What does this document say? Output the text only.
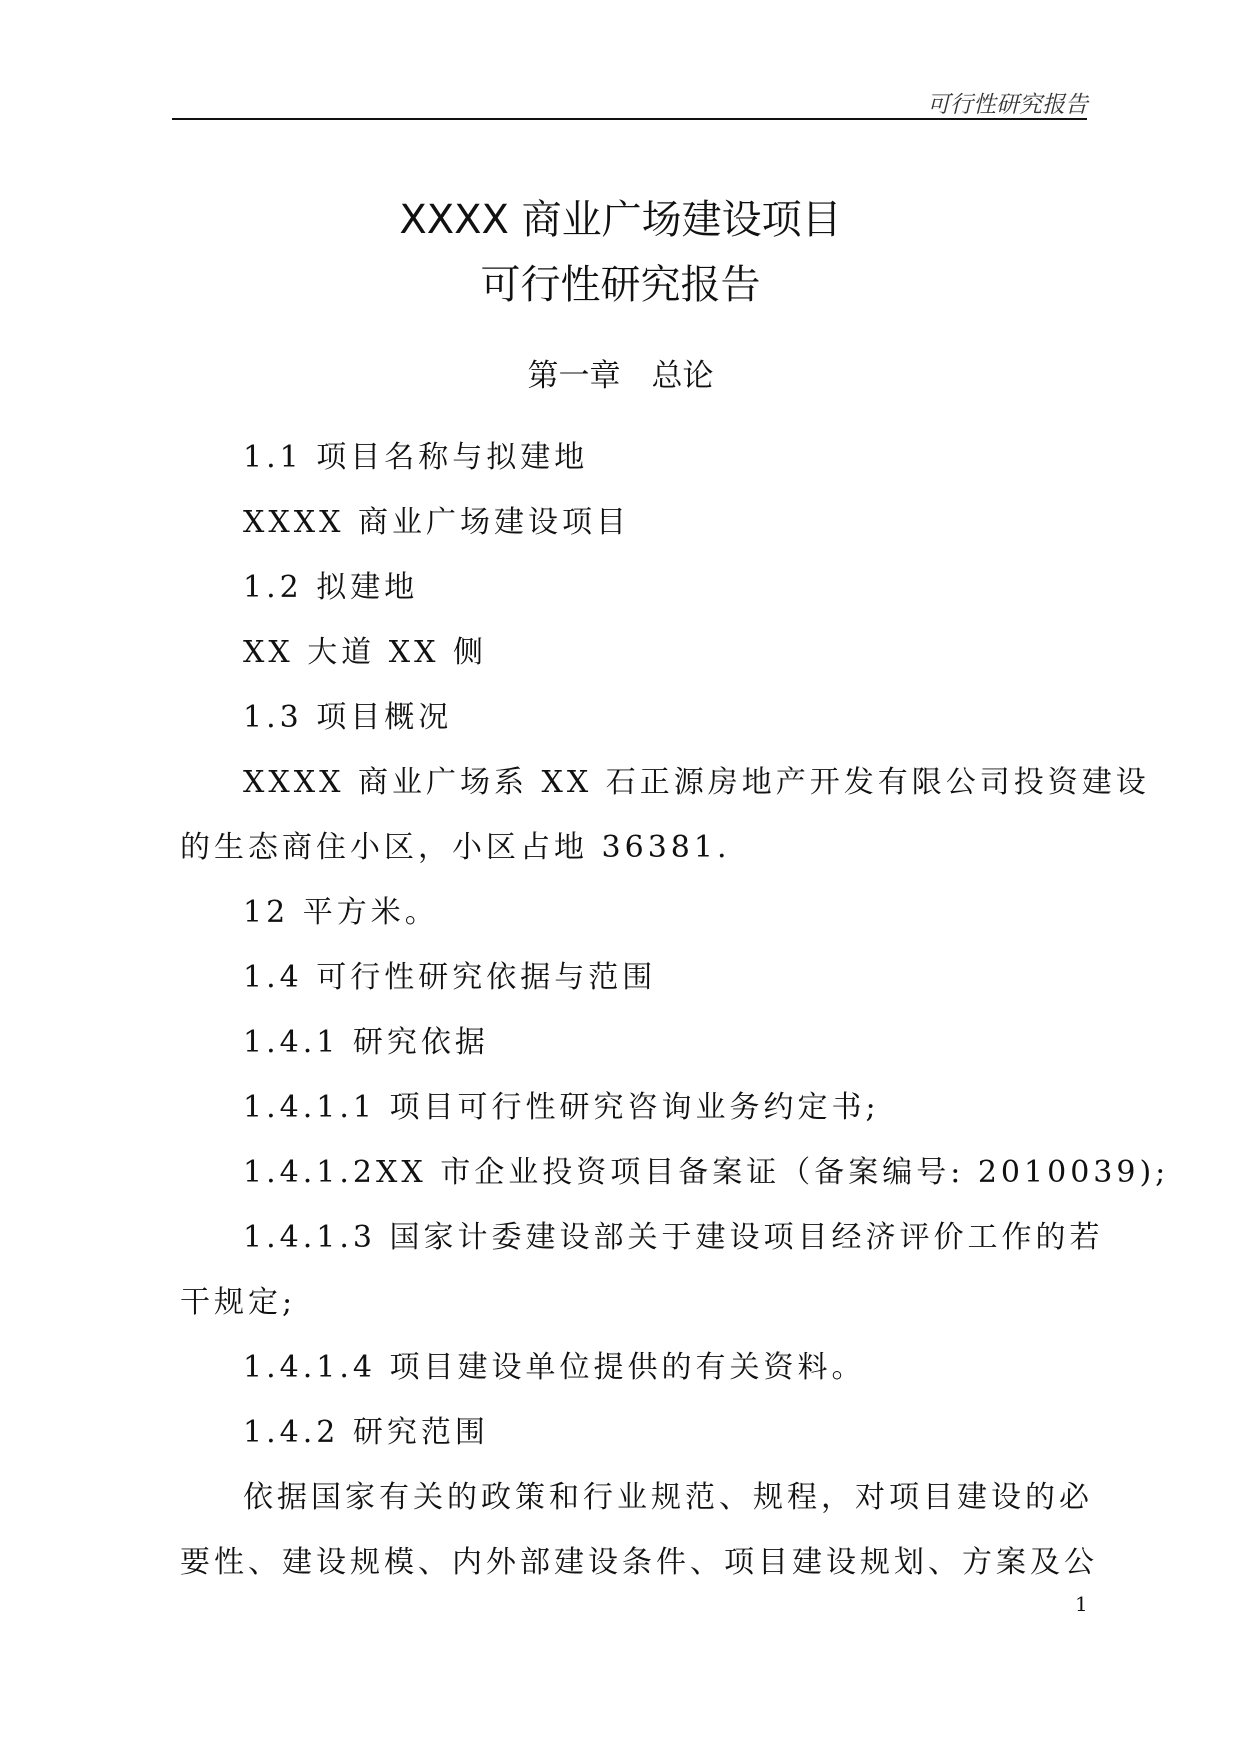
可行性研究报告
XXXX 商业广场建设项目
可行性研究报告
第一章　总论
1.1 项目名称与拟建地
XXXX 商业广场建设项目
1.2 拟建地
XX 大道 XX 侧
1.3 项目概况
XXXX 商业广场系 XX 石正源房地产开发有限公司投资建设
的生态商住小区，小区占地 36381.
12 平方米。
1.4 可行性研究依据与范围
1.4.1 研究依据
1.4.1.1 项目可行性研究咨询业务约定书;
1.4.1.2XX 市企业投资项目备案证（备案编号: 2010039);
1.4.1.3 国家计委建设部关于建设项目经济评价工作的若
干规定;
1.4.1.4 项目建设单位提供的有关资料。
1.4.2 研究范围
依据国家有关的政策和行业规范、规程，对项目建设的必
要性、建设规模、内外部建设条件、项目建设规划、方案及公
1
